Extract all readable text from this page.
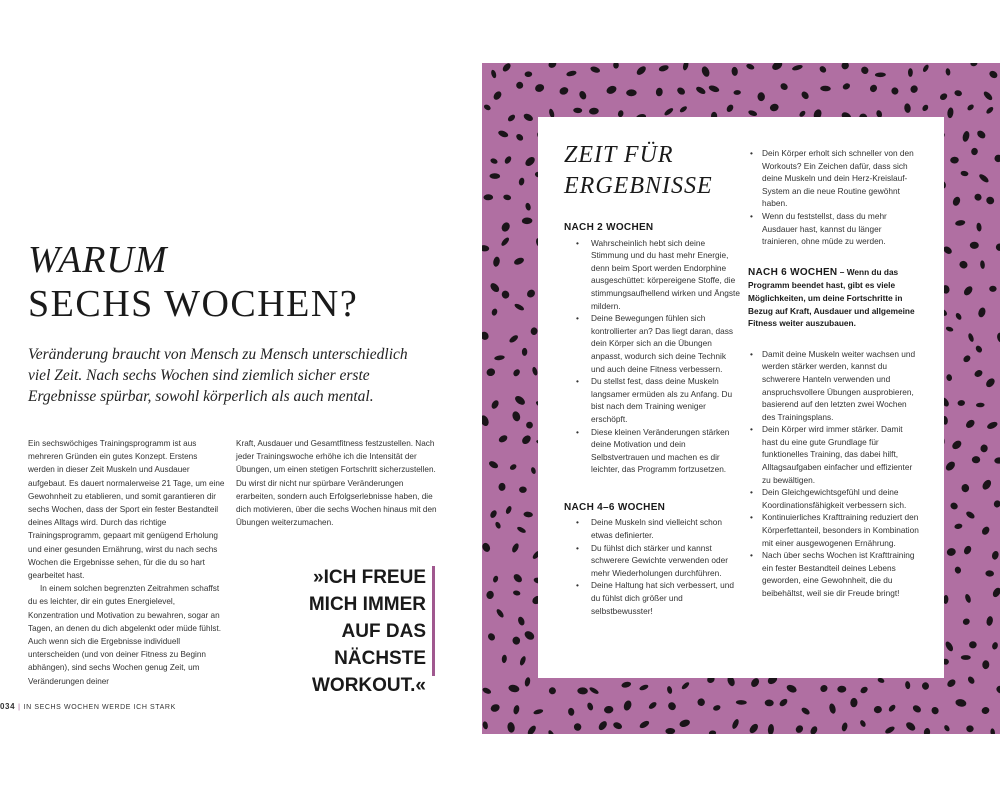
WARUM
SECHS WOCHEN?
Veränderung braucht von Mensch zu Mensch unterschiedlich viel Zeit. Nach sechs Wochen sind ziemlich sicher erste Ergebnisse spürbar, sowohl körperlich als auch mental.

Ein sechswöchiges Trainingsprogramm ist aus mehreren Gründen ein gutes Konzept. Erstens werden in dieser Zeit Muskeln und Ausdauer aufgebaut. Es dauert normalerweise 21 Tage, um eine Gewohnheit zu etablieren, und somit garantieren dir sechs Wochen, dass der Sport ein fester Bestandteil deines Alltags wird. Durch das richtige Trainingsprogramm, gepaart mit genügend Erholung und einer gesunden Ernährung, wirst du nach sechs Wochen die Ergebnisse sehen, für die du so hart gearbeitet hast.

In einem solchen begrenzten Zeitrahmen schaffst du es leichter, dir ein gutes Energielevel, Konzentration und Motivation zu bewahren, sogar an Tagen, an denen du dich abgelenkt oder müde fühlst. Auch wenn sich die Ergebnisse individuell unterscheiden (und von deiner Fitness zu Beginn abhängen), sind sechs Wochen genug Zeit, um Veränderungen deiner

Kraft, Ausdauer und Gesamtfitness festzustellen. Nach jeder Trainingswoche erhöhe ich die Intensität der Übungen, um einen stetigen Fortschritt sicherzustellen. Du wirst dir nicht nur spürbare Veränderungen erarbeiten, sondern auch Erfolgserlebnisse haben, die dich motivieren, über die sechs Wochen hinaus mit den Übungen weiterzumachen.

»ICH FREUE MICH IMMER AUF DAS NÄCHSTE WORKOUT.«
034 | IN SECHS WOCHEN WERDE ICH STARK
ZEIT FÜR
ERGEBNISSE
NACH 2 WOCHEN
• Wahrscheinlich hebt sich deine Stimmung und du hast mehr Energie, denn beim Sport werden Endorphine ausgeschüttet: körpereigene Stoffe, die stimmungsaufhellend wirken und Ängste mildern.
• Deine Bewegungen fühlen sich kontrollierter an? Das liegt daran, dass dein Körper sich an die Übungen anpasst, wodurch sich deine Technik und auch deine Fitness verbessern.
• Du stellst fest, dass deine Muskeln langsamer ermüden als zu Anfang. Du bist nach dem Training weniger erschöpft.
• Diese kleinen Veränderungen stärken deine Motivation und dein Selbstvertrauen und machen es dir leichter, das Programm fortzusetzen.
NACH 4–6 WOCHEN
• Deine Muskeln sind vielleicht schon etwas definierter.
• Du fühlst dich stärker und kannst schwerere Gewichte verwenden oder mehr Wiederholungen durchführen.
• Deine Haltung hat sich verbessert, und du fühlst dich größer und selbstbewusster!
• Dein Körper erholt sich schneller von den Workouts? Ein Zeichen dafür, dass sich deine Muskeln und dein Herz-Kreislauf-System an die neue Routine gewöhnt haben.
• Wenn du feststellst, dass du mehr Ausdauer hast, kannst du länger trainieren, ohne müde zu werden.

NACH 6 WOCHEN – Wenn du das Programm beendet hast, gibt es viele Möglichkeiten, um deine Fortschritte in Bezug auf Kraft, Ausdauer und allgemeine Fitness weiter auszubauen.

• Damit deine Muskeln weiter wachsen und werden stärker werden, kannst du schwerere Hanteln verwenden und anspruchsvollere Übungen ausprobieren, basierend auf den letzten zwei Wochen des Trainingsplans.
• Dein Körper wird immer stärker. Damit hast du eine gute Grundlage für funktionelles Training, das dabei hilft, Alltagsaufgaben einfacher und effizienter zu bewältigen.
• Dein Gleichgewichtsgefühl und deine Koordinationsfähigkeit verbessern sich.
• Kontinuierliches Krafttraining reduziert den Körperfettanteil, besonders in Kombination mit einer ausgewogenen Ernährung.
• Nach über sechs Wochen ist Krafttraining ein fester Bestandteil deines Lebens geworden, eine Gewohnheit, die du beibehältst, weil sie dir Freude bringt!
